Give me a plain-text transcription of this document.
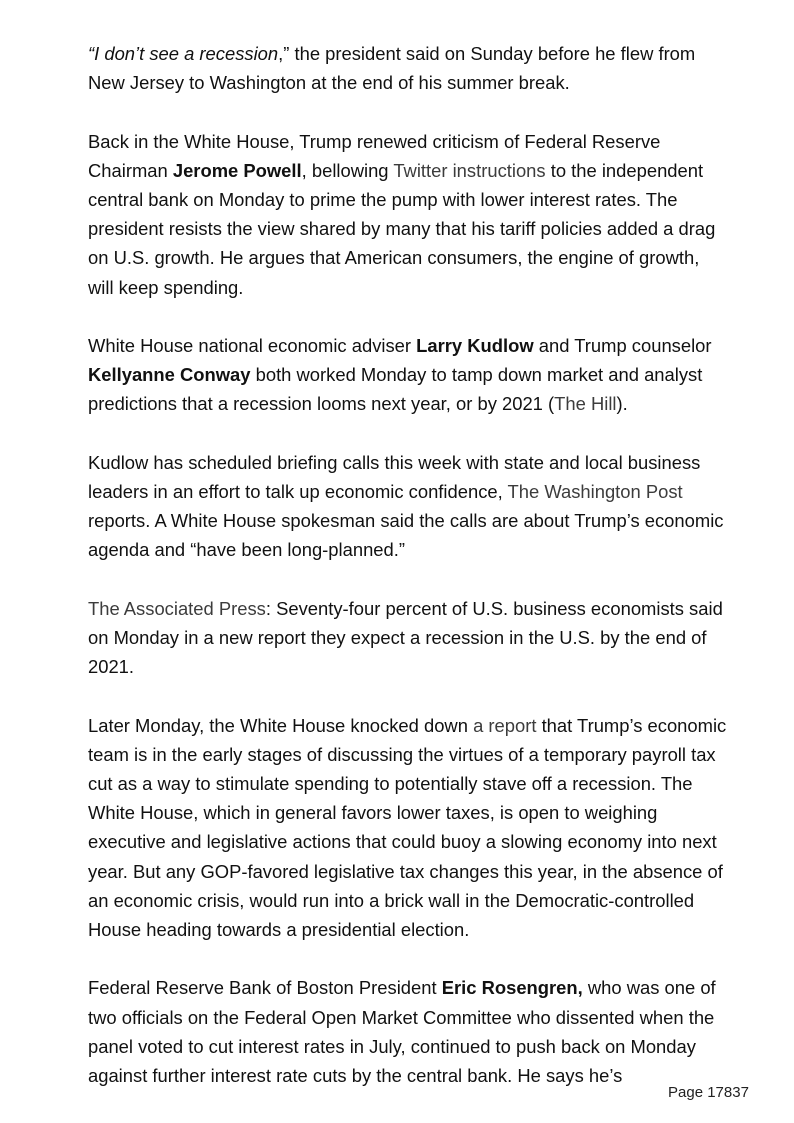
“I don’t see a recession,” the president said on Sunday before he flew from New Jersey to Washington at the end of his summer break.

Back in the White House, Trump renewed criticism of Federal Reserve Chairman Jerome Powell, bellowing Twitter instructions to the independent central bank on Monday to prime the pump with lower interest rates. The president resists the view shared by many that his tariff policies added a drag on U.S. growth. He argues that American consumers, the engine of growth, will keep spending.

White House national economic adviser Larry Kudlow and Trump counselor Kellyanne Conway both worked Monday to tamp down market and analyst predictions that a recession looms next year, or by 2021 (The Hill).

Kudlow has scheduled briefing calls this week with state and local business leaders in an effort to talk up economic confidence, The Washington Post reports. A White House spokesman said the calls are about Trump’s economic agenda and “have been long-planned.”

The Associated Press: Seventy-four percent of U.S. business economists said on Monday in a new report they expect a recession in the U.S. by the end of 2021.

Later Monday, the White House knocked down a report that Trump’s economic team is in the early stages of discussing the virtues of a temporary payroll tax cut as a way to stimulate spending to potentially stave off a recession. The White House, which in general favors lower taxes, is open to weighing executive and legislative actions that could buoy a slowing economy into next year. But any GOP-favored legislative tax changes this year, in the absence of an economic crisis, would run into a brick wall in the Democratic-controlled House heading towards a presidential election.

Federal Reserve Bank of Boston President Eric Rosengren, who was one of two officials on the Federal Open Market Committee who dissented when the panel voted to cut interest rates in July, continued to push back on Monday against further interest rate cuts by the central bank. He says he’s

Page 17837
